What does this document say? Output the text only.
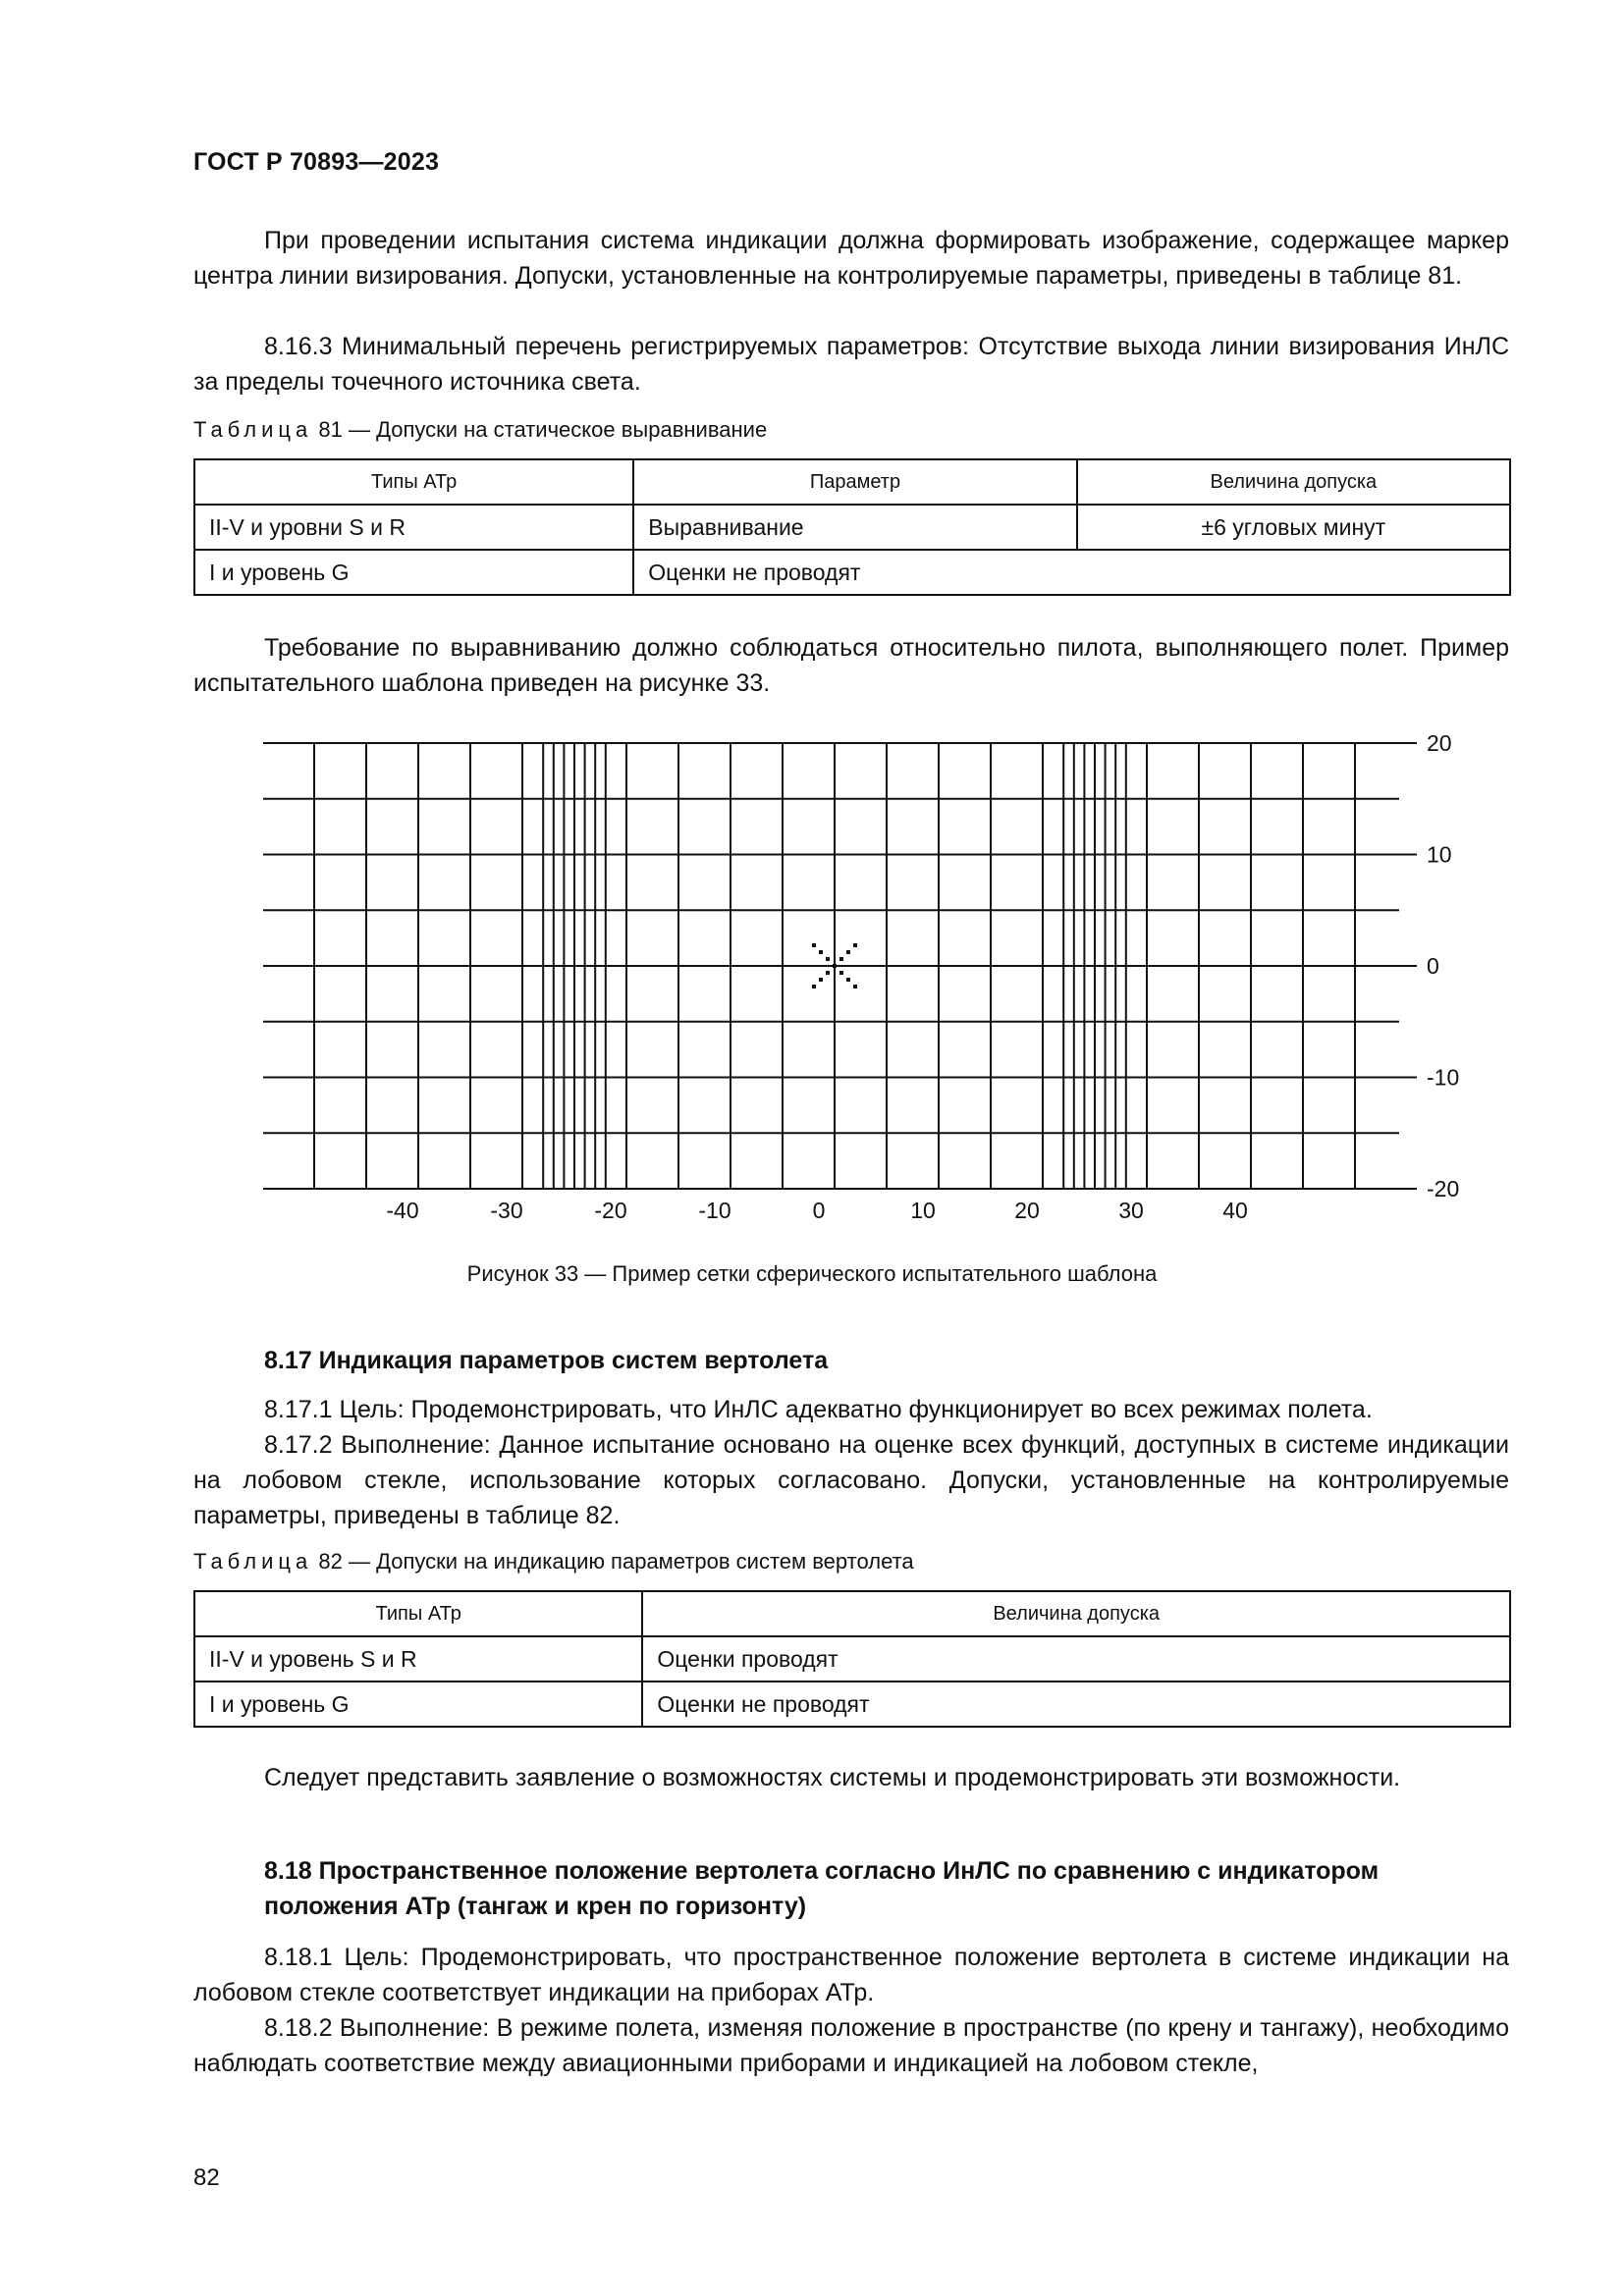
ГОСТ Р 70893—2023

При проведении испытания система индикации должна формировать изображение, содержащее маркер центра линии визирования. Допуски, установленные на контролируемые параметры, приведены в таблице 81.

8.16.3 Минимальный перечень регистрируемых параметров: Отсутствие выхода линии визирования ИнЛС за пределы точечного источника света.

Таблица 81 — Допуски на статическое выравнивание
Типы АТр	Параметр	Величина допуска
II-V и уровни S и R	Выравнивание	±6 угловых минут
I и уровень G	Оценки не проводят	

Требование по выравниванию должно соблюдаться относительно пилота, выполняющего полет. Пример испытательного шаблона приведен на рисунке 33.

-40	-30	-20	-10	0	10	20	30	40
20
10
0
-10
-20
Рисунок 33 — Пример сетки сферического испытательного шаблона

8.17 Индикация параметров систем вертолета

8.17.1 Цель: Продемонстрировать, что ИнЛС адекватно функционирует во всех режимах полета.

8.17.2 Выполнение: Данное испытание основано на оценке всех функций, доступных в системе индикации на лобовом стекле, использование которых согласовано. Допуски, установленные на контролируемые параметры, приведены в таблице 82.

Таблица 82 — Допуски на индикацию параметров систем вертолета
Типы АТр	Величина допуска
II-V и уровень S и R	Оценки проводят
I и уровень G	Оценки не проводят

Следует представить заявление о возможностях системы и продемонстрировать эти возможности.

8.18 Пространственное положение вертолета согласно ИнЛС по сравнению с индикатором положения АТр (тангаж и крен по горизонту)

8.18.1 Цель: Продемонстрировать, что пространственное положение вертолета в системе индикации на лобовом стекле соответствует индикации на приборах АТр.

8.18.2 Выполнение: В режиме полета, изменяя положение в пространстве (по крену и тангажу), необходимо наблюдать соответствие между авиационными приборами и индикацией на лобовом стекле,

82
